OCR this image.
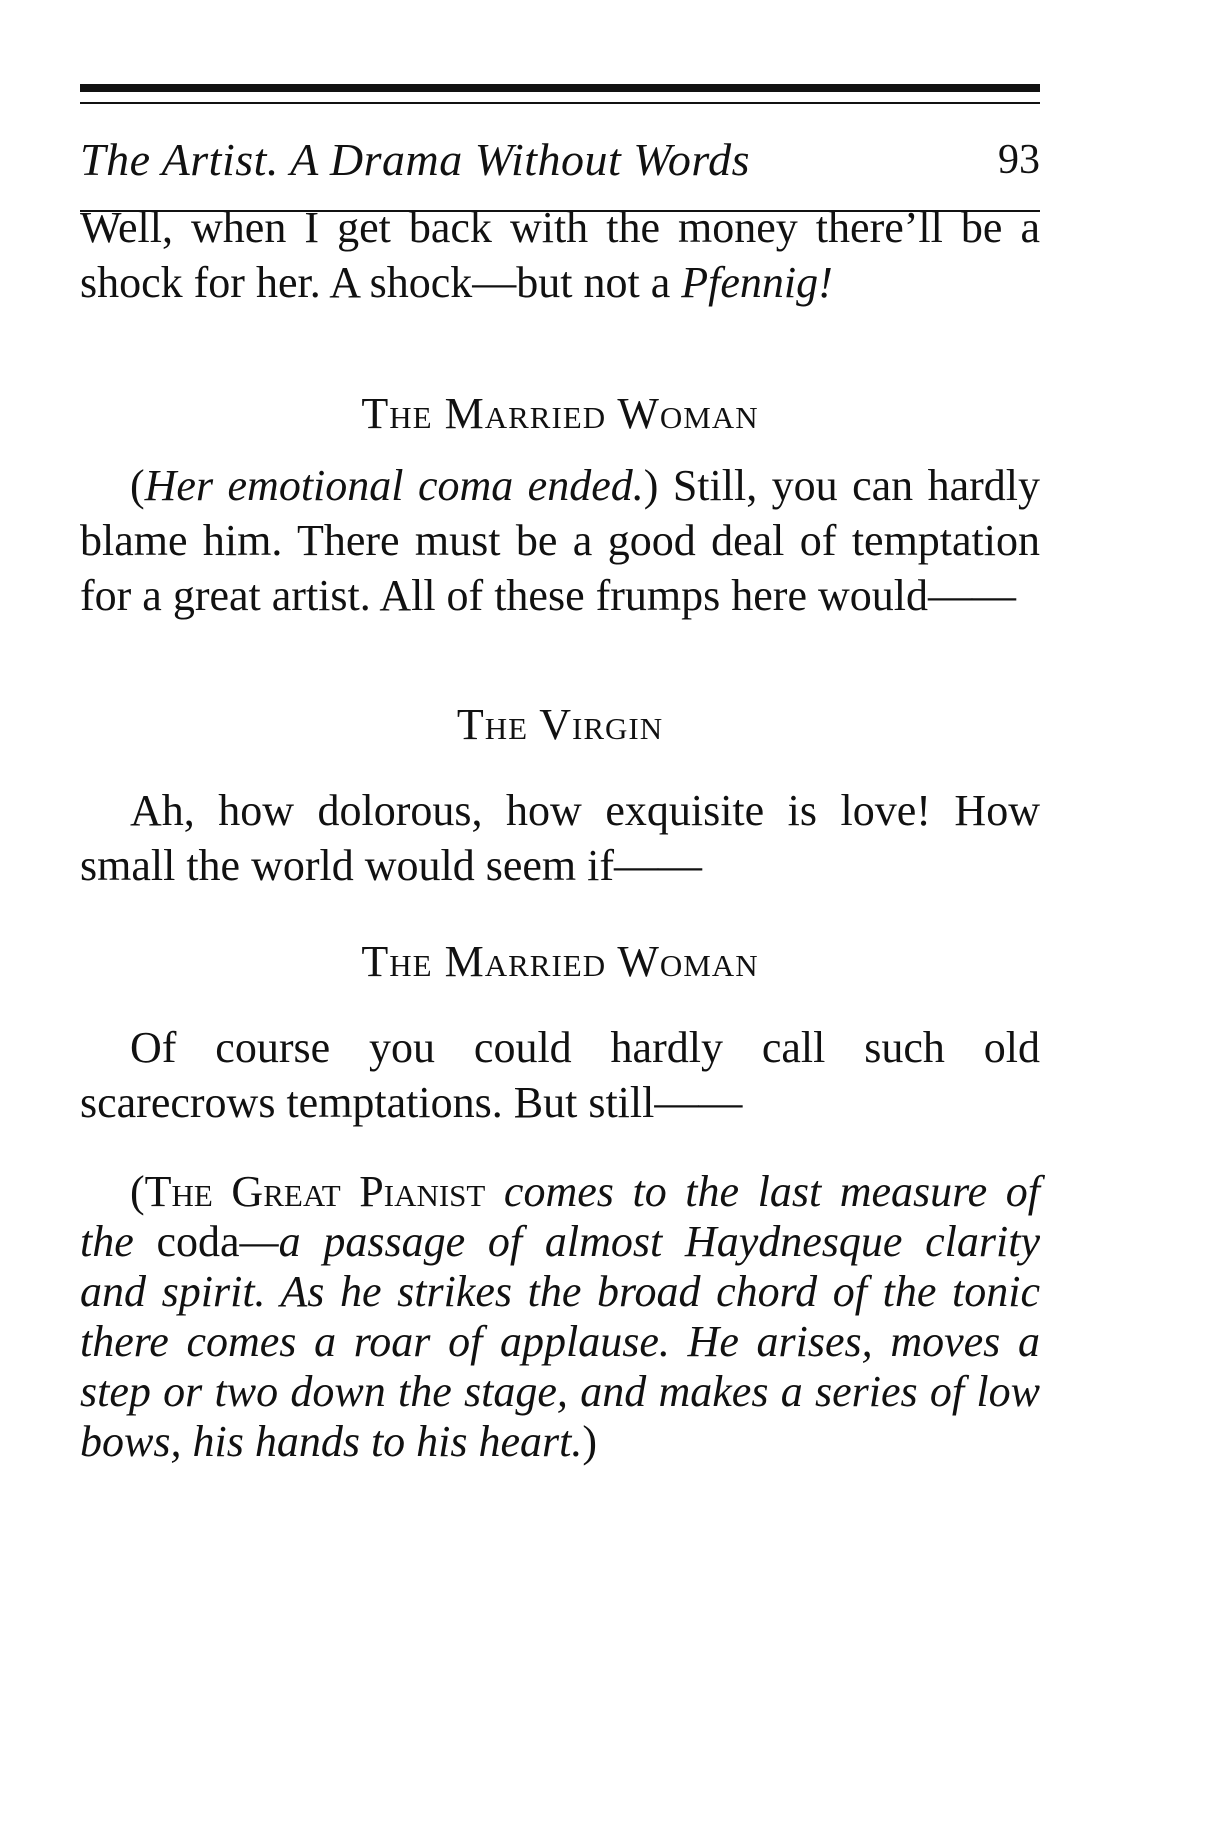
The Artist. A Drama Without Words	93
Well, when I get back with the money there’ll be a shock for her. A shock—but not a Pfennig!
The Married Woman
(Her emotional coma ended.) Still, you can hardly blame him. There must be a good deal of temptation for a great artist. All of these frumps here would——
The Virgin
Ah, how dolorous, how exquisite is love! How small the world would seem if——
The Married Woman
Of course you could hardly call such old scarecrows temptations. But still——
(The Great Pianist comes to the last measure of the coda—a passage of almost Haydnesque clarity and spirit. As he strikes the broad chord of the tonic there comes a roar of applause. He arises, moves a step or two down the stage, and makes a series of low bows, his hands to his heart.)
